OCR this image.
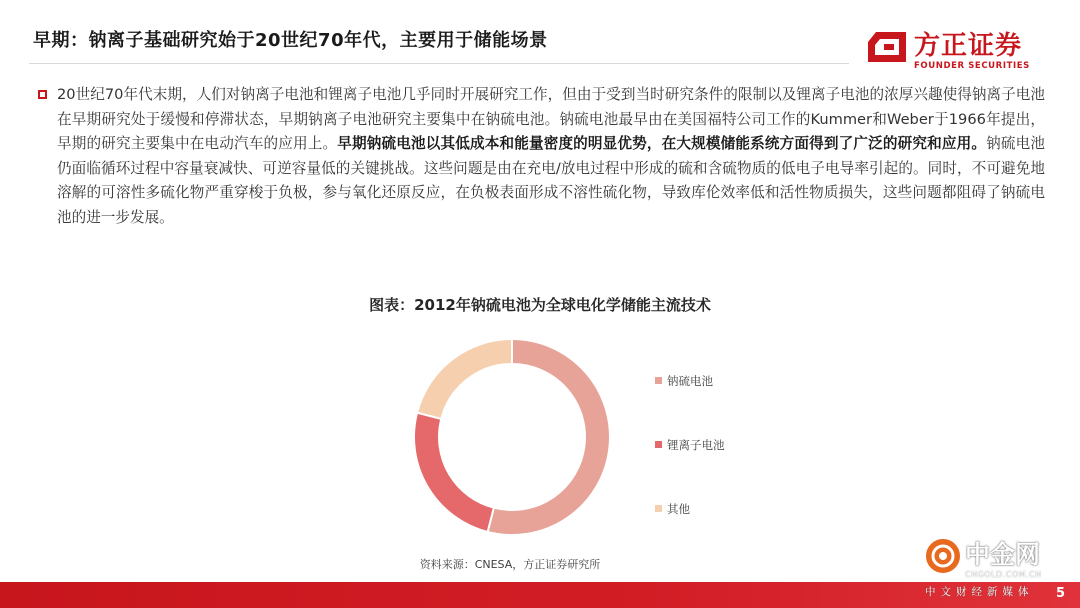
早期：钠离子基础研究始于20世纪70年代，主要用于储能场景	方正证券
FOUNDER SECURITIES
20世纪70年代末期，人们对钠离子电池和锂离子电池几乎同时开展研究工作，但由于受到当时研究条件的限制以及锂离子电池的浓厚兴趣使得钠离子电池在早期研究处于缓慢和停滞状态，早期钠离子电池研究主要集中在钠硫电池。钠硫电池最早由在美国福特公司工作的Kummer和Weber于1966年提出，早期的研究主要集中在电动汽车的应用上。早期钠硫电池以其低成本和能量密度的明显优势，在大规模储能系统方面得到了广泛的研究和应用。钠硫电池仍面临循环过程中容量衰减快、可逆容量低的关键挑战。这些问题是由在充电/放电过程中形成的硫和含硫物质的低电子电导率引起的。同时，不可避免地溶解的可溶性多硫化物严重穿梭于负极，参与氧化还原反应，在负极表面形成不溶性硫化物，导致库伦效率低和活性物质损失，这些问题都阻碍了钠硫电池的进一步发展。
图表：2012年钠硫电池为全球电化学储能主流技术
钠硫电池
锂离子电池
其他
资料来源：CNESA，方正证券研究所
5
中金网
CNGOLD.COM.CN
中文财经新媒体
